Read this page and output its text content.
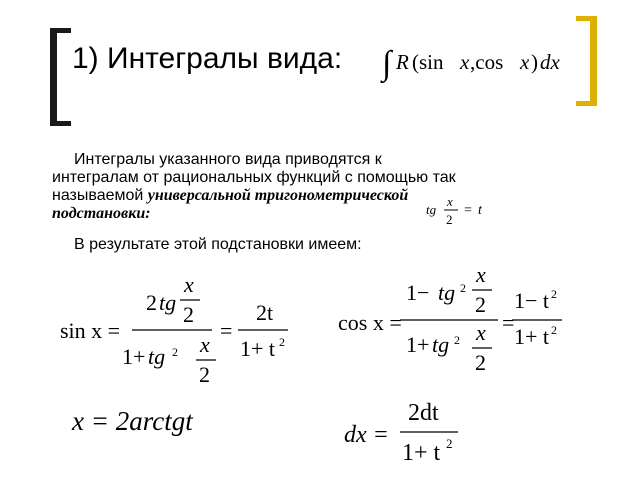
1) Интегралы вида: ∫ R (sin x ,cos x ) dx
Интегралы указанного вида приводятся к
интегралам от рациональных функций с помощью так
называемой универсальной тригонометрической
подстановки:	tg
x
2
= t
В результате этой подстановки имеем:
sin x =
2 tg
x
2
1+ tg 2 x
2
=
2t
1+ t 2
cos x =
1− tg 2
x
2
1+ tg 2 x
2
=
1− t 2
1+ t 2
x = 2arctgt	dx =
2dt
1+ t 2
